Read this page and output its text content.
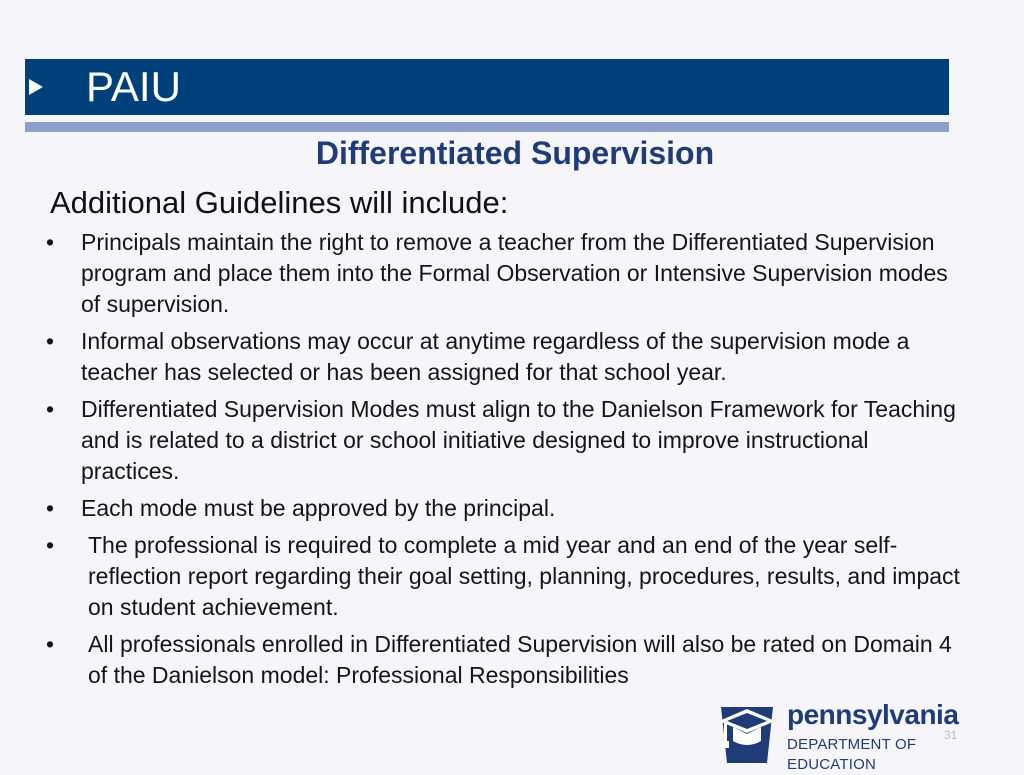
PAIU
Differentiated Supervision
Additional Guidelines will include:
•	Principals maintain the right to remove a teacher from the Differentiated Supervision program and place them into the Formal Observation or Intensive Supervision modes of supervision.
•	Informal observations may occur at anytime regardless of the supervision mode a teacher has selected or has been assigned for that school year.
•	Differentiated Supervision Modes must align to the Danielson Framework for Teaching and is related to a district or school initiative designed to improve instructional practices.
•	Each mode must be approved by the principal.
•	The professional is required to complete a mid year and an end of the year self-reflection report regarding their goal setting, planning, procedures, results, and impact on student achievement.
•	All professionals enrolled in Differentiated Supervision will also be rated on Domain 4 of the Danielson model: Professional Responsibilities
pennsylvania
DEPARTMENT OF EDUCATION
31
